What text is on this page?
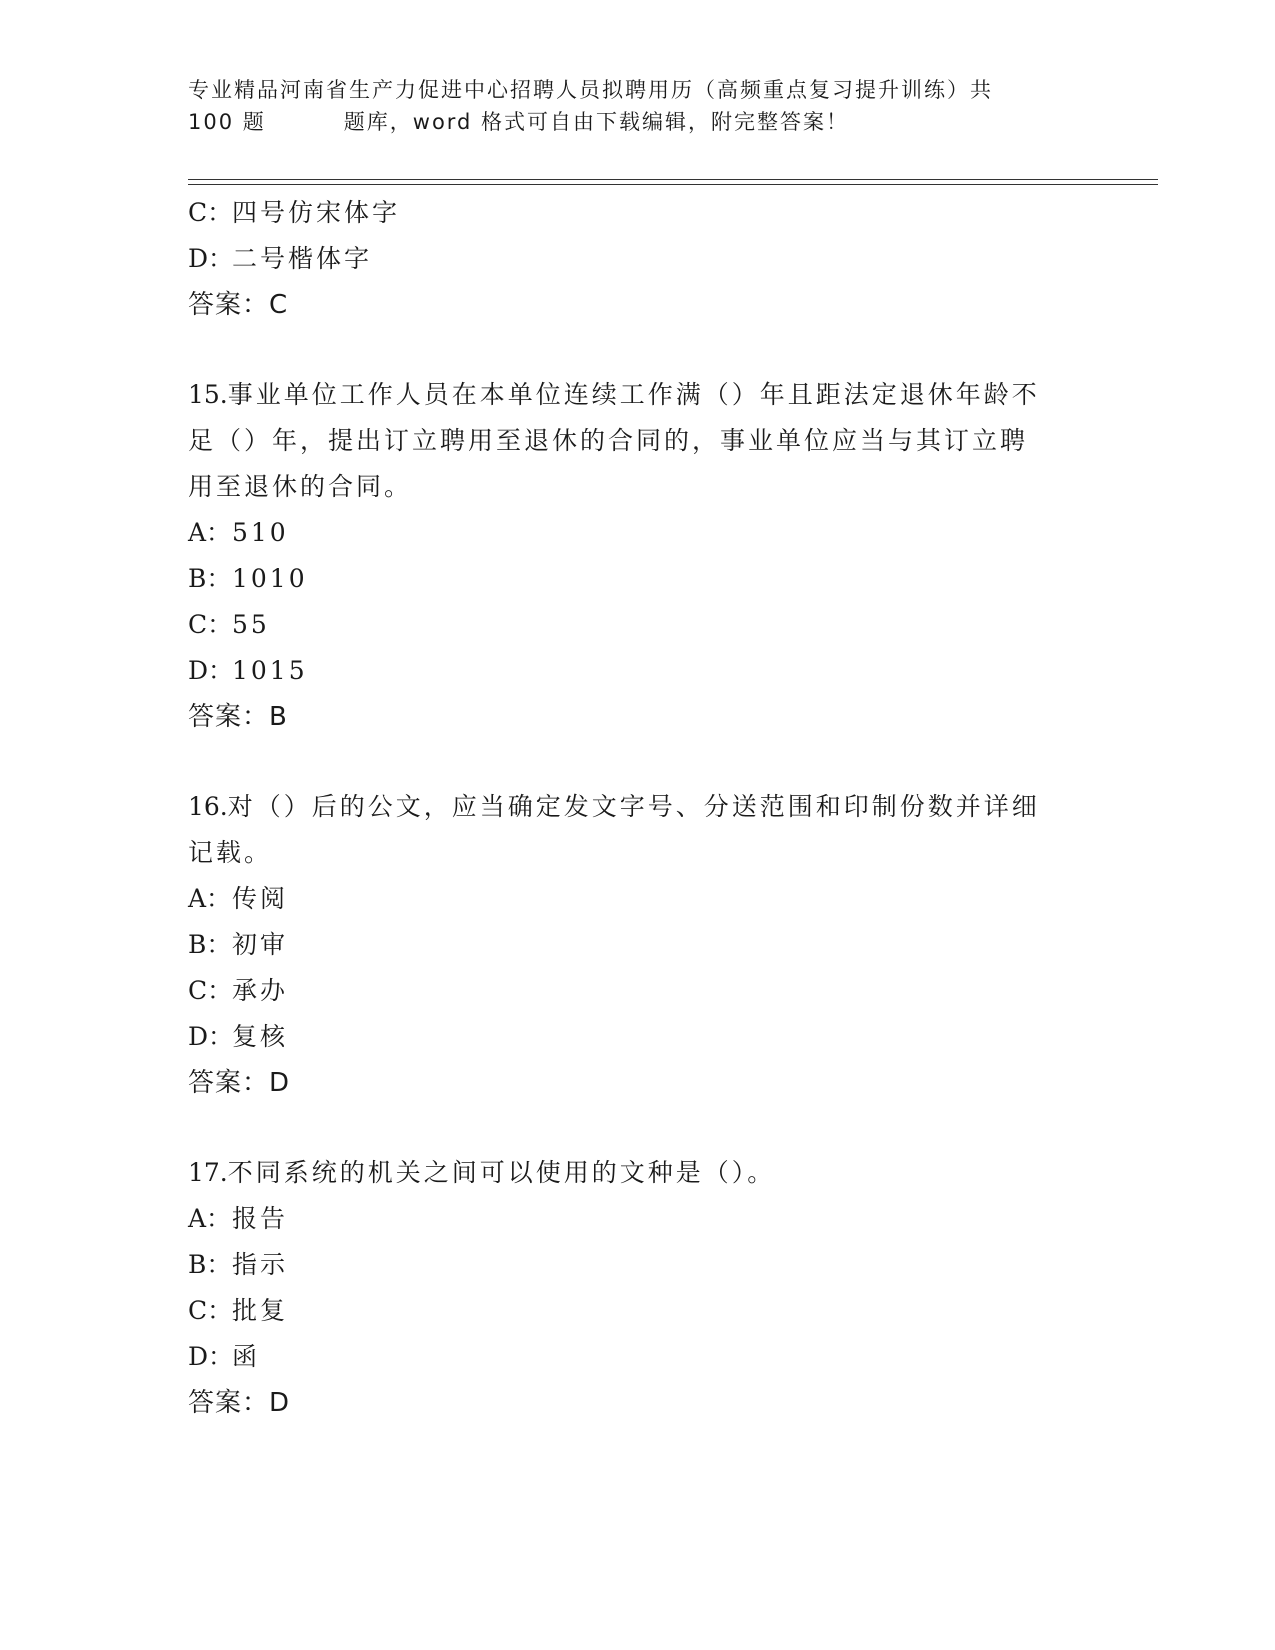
专业精品河南省生产力促进中心招聘人员拟聘用历（高频重点复习提升训练）共
100 题	题库，word 格式可自由下载编辑，附完整答案！
C：四号仿宋体字
D：二号楷体字
答案：C
15.事业单位工作人员在本单位连续工作满（）年且距法定退休年龄不
足（）年，提出订立聘用至退休的合同的，事业单位应当与其订立聘
用至退休的合同。
A：510
B：1010
C：55
D：1015
答案：B
16.对（）后的公文，应当确定发文字号、分送范围和印制份数并详细
记载。
A：传阅
B：初审
C：承办
D：复核
答案：D
17.不同系统的机关之间可以使用的文种是（）。
A：报告
B：指示
C：批复
D：函
答案：D
